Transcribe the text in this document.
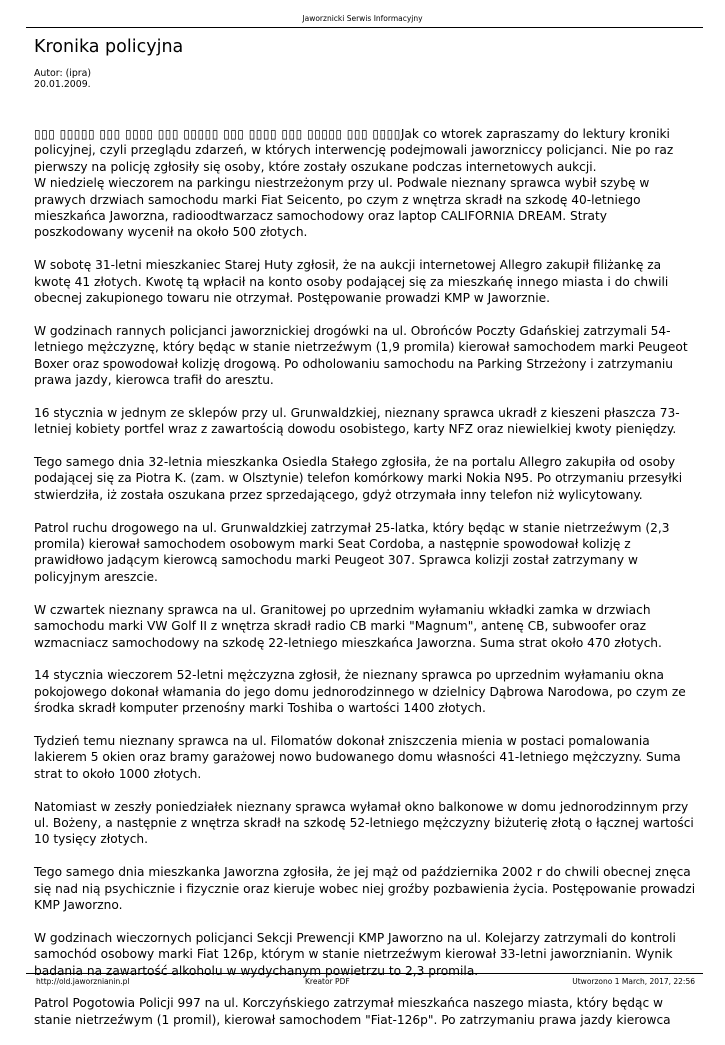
Jaworznicki Serwis Informacyjny
Kronika policyjna
Autor: (ipra)
20.01.2009.

▯▯▯ ▯▯▯▯▯ ▯▯▯ ▯▯▯▯ ▯▯▯ ▯▯▯▯▯ ▯▯▯ ▯▯▯▯ ▯▯▯ ▯▯▯▯▯ ▯▯▯ ▯▯▯▯Jak co wtorek zapraszamy do lektury kroniki policyjnej, czyli przeglądu zdarzeń, w których interwencję podejmowali jaworzniccy policjanci. Nie po raz pierwszy na policję zgłosiły się osoby, które zostały oszukane podczas internetowych aukcji.

W niedzielę wieczorem na parkingu niestrzeżonym przy ul. Podwale nieznany sprawca wybił szybę w prawych drzwiach samochodu marki Fiat Seicento, po czym z wnętrza skradł na szkodę 40-letniego mieszkańca Jaworzna, radioodtwarzacz samochodowy oraz laptop CALIFORNIA DREAM. Straty poszkodowany wycenił na około 500 złotych.

W sobotę 31-letni mieszkaniec Starej Huty zgłosił, że na aukcji internetowej Allegro zakupił filiżankę za kwotę 41 złotych. Kwotę tą wpłacił na konto osoby podającej się za mieszkańę innego miasta i do chwili obecnej zakupionego towaru nie otrzymał. Postępowanie prowadzi KMP w Jaworznie.

W godzinach rannych policjanci jaworznickiej drogówki na ul. Obrońców Poczty Gdańskiej zatrzymali 54-letniego mężczyznę, który będąc w stanie nietrzeźwym (1,9 promila) kierował samochodem marki Peugeot Boxer oraz spowodował kolizję drogową. Po odholowaniu samochodu na Parking Strzeżony i zatrzymaniu prawa jazdy, kierowca trafił do areszt​u.

16 stycznia w jednym ze sklepów przy ul. Grunwaldzkiej, nieznany sprawca ukradł z kieszeni płaszcza 73-letniej kobiety portfel wraz z zawartością dowodu osobistego, karty NFZ oraz niewielkiej kwoty pieniędzy.

Tego samego dnia 32-letnia mieszkanka Osiedla Stałego zgłosiła, że na portalu Allegro zakupiła od osoby podającej się za Piotra K. (zam. w Olsztynie) telefon komórkowy marki Nokia N95. Po otrzymaniu przesyłki stwierdziła, iż została oszukana przez sprzedającego, gdyż otrzymała inny telefon niż wylicytowany.

Patrol ruchu drogowego na ul. Grunwaldzkiej zatrzymał 25-latka, który będąc w stanie nietrzeźwym (2,3 promila) kierował samochodem osobowym marki Seat Cordoba, a następnie spowodował kolizję z prawidłowo jadącym kierowcą samochodu marki Peugeot 307. Sprawca kolizji został zatrzymany w policyjnym areszcie.

W czwartek nieznany sprawca na ul. Granitowej po uprzednim wyłamaniu wkładki zamka w drzwiach samochodu marki VW Golf II z wnętrza skradł radio CB marki "Magnum", antenę CB, subwoofer oraz wzmacniacz samochodowy na szkodę 22-letniego mieszkańca Jaworzna. Suma strat około 470 złotych.

14 stycznia wieczorem 52-letni mężczyzna zgłosił, że nieznany sprawca po uprzednim wyłamaniu okna pokojowego dokonał włamania do jego domu jednorodzinnego w dzielnicy Dąbrowa Narodowa, po czym ze środka skradł komputer przenośny marki Toshiba o wartości 1400 złotych.

Tydzień temu nieznany sprawca na ul. Filomatów dokonał zniszczenia mienia w postaci pomalowania lakierem 5 okien oraz bramy garażowej nowo budowanego domu własności 41-letniego mężczyzny. Suma strat to około 1000 złotych.

Natomiast w zeszły poniedziałek nieznany sprawca wyłamał okno balkonowe w domu jednorodzinnym przy ul. Bożeny, a następnie z wnętrza skradł na szkodę 52-letniego mężczyzny biżuterię złotą o łącznej wartości 10 tysięcy złotych.

Tego samego dnia mieszkanka Jaworzna zgłosiła, że jej mąż od października 2002 r do chwili obecnej znęca się nad nią psychicznie i fizycznie oraz kieruje wobec niej groźby pozbawienia życia. Postępowanie prowadzi KMP Jaworzno.

W godzinach wieczornych policjanci Sekcji Prewencji KMP Jaworzno na ul. Kolejarzy zatrzymali do kontroli samochód osobowy marki Fiat 126p, którym w stanie nietrzeźwym kierował 33-letni jaworznianin. Wynik badania na zawartość alkoholu w wydychanym powietrzu to 2,3 promila.

Patrol Pogotowia Policji 997 na ul. Korczyńskiego zatrzymał mieszkańca naszego miasta, który będąc w stanie nietrzeźwym (1 promil), kierował samochodem "Fiat-126p". Po zatrzymaniu prawa jazdy kierowca

http://old.jaworznianin.pl	Kreator PDF	Utworzono 1 March, 2017, 22:56
